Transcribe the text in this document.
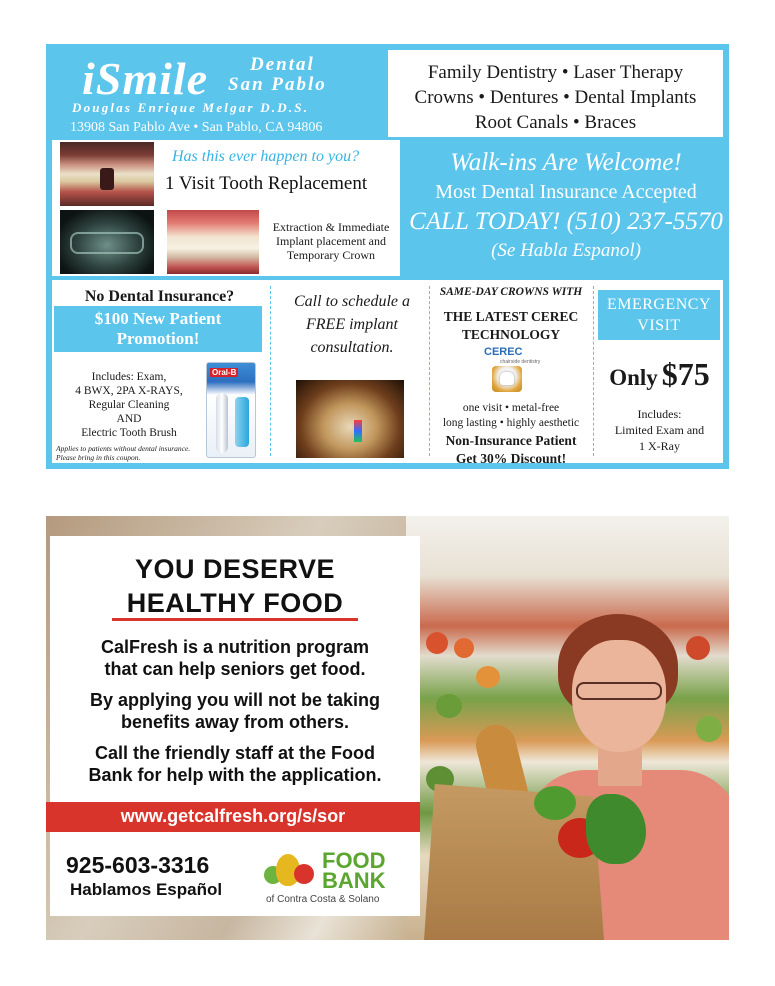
iSmile Dental
San Pablo
Douglas Enrique Melgar D.D.S.
13908 San Pablo Ave • San Pablo, CA 94806
Family Dentistry • Laser Therapy
Crowns • Dentures • Dental Implants
Root Canals • Braces
Has this ever happen to you?
1 Visit Tooth Replacement
Extraction & Immediate Implant placement and Temporary Crown
Walk-ins Are Welcome!
Most Dental Insurance Accepted
CALL TODAY! (510) 237-5570
(Se Habla Espanol)
No Dental Insurance?
$100 New Patient Promotion!
Includes: Exam,
4 BWX, 2PA X-RAYS,
Regular Cleaning
AND
Electric Tooth Brush
Applies to patients without dental insurance.
Please bring in this coupon.
Oral-B
Call to schedule a FREE implant consultation.
SAME-DAY CROWNS WITH
THE LATEST CEREC
TECHNOLOGY
CEREC
chairside dentistry
one visit • metal-free
long lasting • highly aesthetic
Non-Insurance Patient
Get 30% Discount!
EMERGENCY
VISIT
Only $75
Includes:
Limited Exam and
1 X-Ray
YOU DESERVE
HEALTHY FOOD
CalFresh is a nutrition program
that can help seniors get food.
By applying you will not be taking
benefits away from others.
Call the friendly staff at the Food
Bank for help with the application.
www.getcalfresh.org/s/sor
925-603-3316
Hablamos Español
FOOD
BANK
of Contra Costa & Solano
